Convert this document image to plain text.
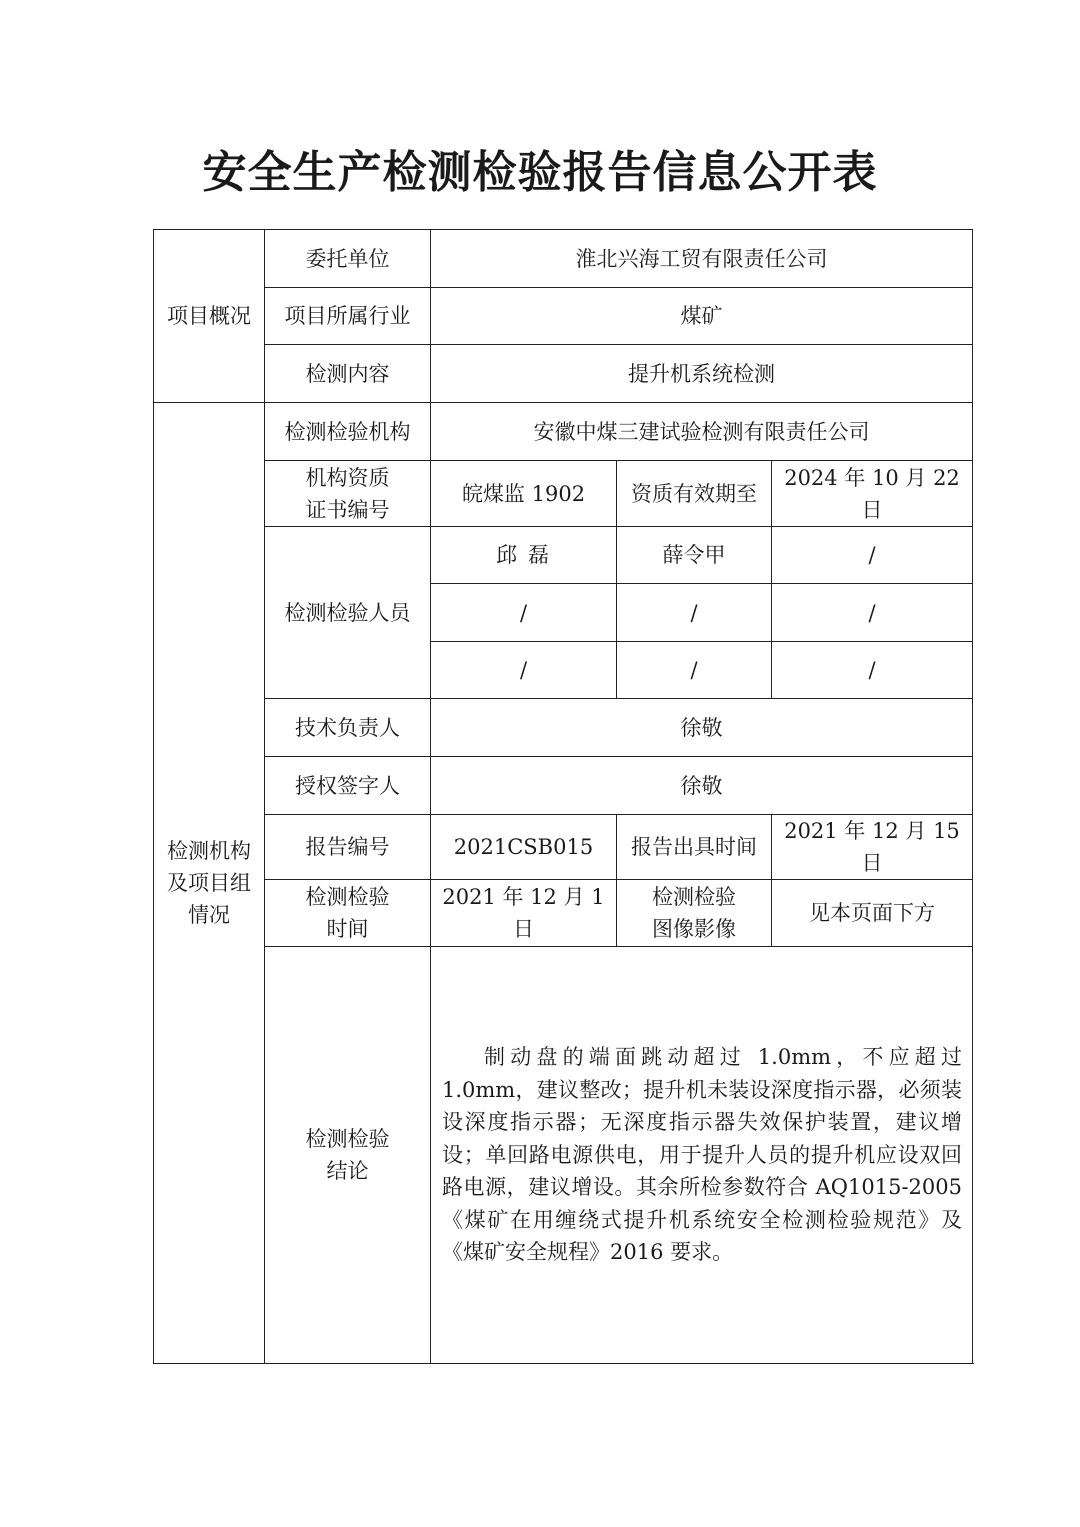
安全生产检测检验报告信息公开表
项目概况	委托单位	淮北兴海工贸有限责任公司		
	项目所属行业	煤矿		
	检测内容	提升机系统检测		
检测机构及项目组情况	检测检验机构	安徽中煤三建试验检测有限责任公司		
	机构资质证书编号	皖煤监 1902	资质有效期至	2024 年 10 月 22 日
	检测检验人员	邱 磊	薛令甲	/
		/	/	/
		/	/	/
	技术负责人	徐敬		
	授权签字人	徐敬		
	报告编号	2021CSB015	报告出具时间	2021 年 12 月 15 日
	检测检验时间	2021 年 12 月 1 日	检测检验图像影像	见本页面下方
	检测检验结论	制动盘的端面跳动超过 1.0mm，不应超过 1.0mm，建议整改；提升机未装设深度指示器，必须装设深度指示器；无深度指示器失效保护装置，建议增设；单回路电源供电，用于提升人员的提升机应设双回路电源，建议增设。其余所检参数符合 AQ1015-2005《煤矿在用缠绕式提升机系统安全检测检验规范》及《煤矿安全规程》2016 要求。		
